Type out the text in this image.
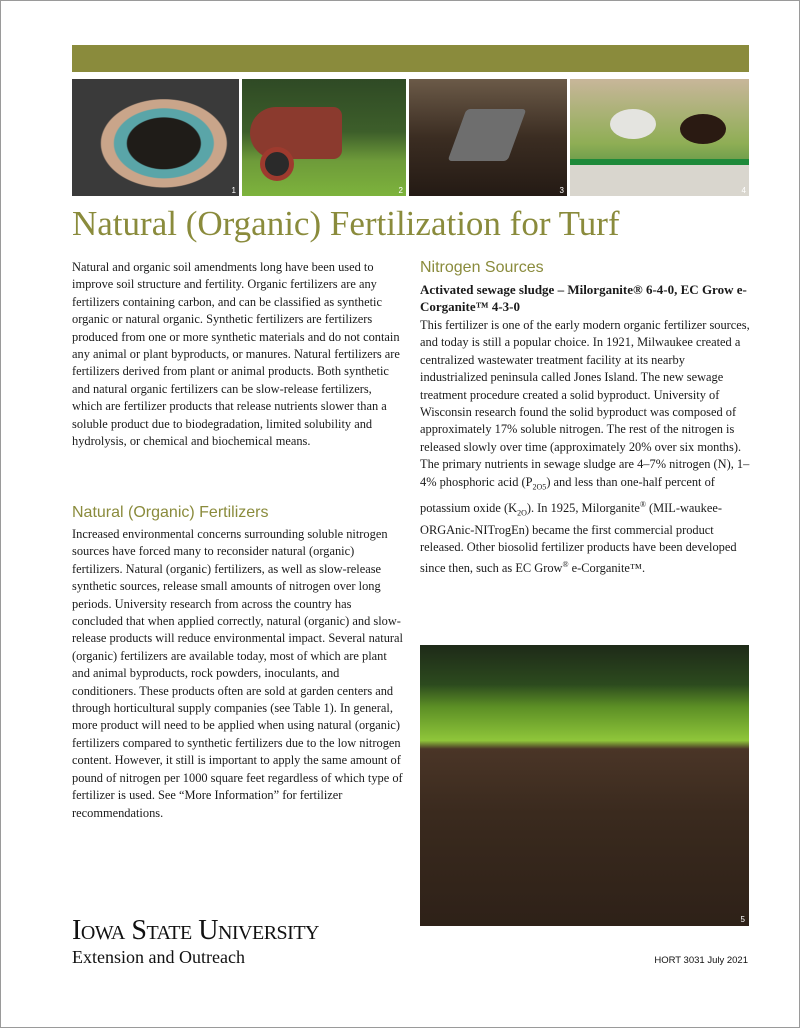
1	2	3	4
Natural (Organic) Fertilization for Turf

Natural and organic soil amendments long have been used to improve soil structure and fertility. Organic fertilizers are any fertilizers containing carbon, and can be classified as synthetic organic or natural organic. Synthetic fertilizers are fertilizers produced from one or more synthetic materials and do not contain any animal or plant byproducts, or manures. Natural fertilizers are fertilizers derived from plant or animal products. Both synthetic and natural organic fertilizers can be slow-release fertilizers, which are fertilizer products that release nutrients slower than a soluble product due to biodegradation, limited solubility and hydrolysis, or chemical and biochemical means.

Natural (Organic) Fertilizers

Increased environmental concerns surrounding soluble nitrogen sources have forced many to reconsider natural (organic) fertilizers. Natural (organic) fertilizers, as well as slow-release synthetic sources, release small amounts of nitrogen over long periods. University research from across the country has concluded that when applied correctly, natural (organic) and slow-release products will reduce environmental impact. Several natural (organic) fertilizers are available today, most of which are plant and animal byproducts, rock powders, inoculants, and conditioners. These products often are sold at garden centers and through horticultural supply companies (see Table 1). In general, more product will need to be applied when using natural (organic) fertilizers compared to synthetic fertilizers due to the low nitrogen content. However, it still is important to apply the same amount of pound of nitrogen per 1000 square feet regardless of which type of fertilizer is used. See “More Information” for fertilizer recommendations.

Nitrogen Sources
Activated sewage sludge – Milorganite® 6-4-0, EC Grow e-Corganite™ 4-3-0

This fertilizer is one of the early modern organic fertilizer sources, and today is still a popular choice. In 1921, Milwaukee created a centralized wastewater treatment facility at its nearby industrialized peninsula called Jones Island. The new sewage treatment procedure created a solid byproduct. University of Wisconsin research found the solid byproduct was composed of approximately 17% soluble nitrogen. The rest of the nitrogen is released slowly over time (approximately 20% over six months). The primary nutrients in sewage sludge are 4–7% nitrogen (N), 1–4% phosphoric acid $(P_{2O5})$ and less than one-half percent of potassium oxide $(K_{2O})$. In 1925, Milorganite® (MIL-waukee-ORGAnic-NITrogEn) became the first commercial product released. Other biosolid fertilizer products have been developed since then, such as EC Grow® e-Corganite™.

5
Iowa State University
Extension and Outreach	HORT 3031 July 2021
